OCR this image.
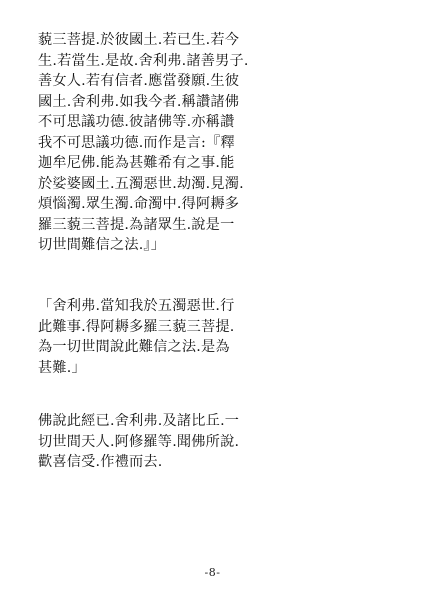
藐三菩提.於彼國土.若已生.若今
生.若當生.是故.舍利弗.諸善男子.
善女人.若有信者.應當發願.生彼
國土.舍利弗.如我今者.稱讚諸佛
不可思議功德.彼諸佛等.亦稱讚
我不可思議功德.而作是言:『釋
迦牟尼佛.能為甚難希有之事.能
於娑婆國土.五濁惡世.劫濁.見濁.
煩惱濁.眾生濁.命濁中.得阿耨多
羅三藐三菩提.為諸眾生.說是一
切世間難信之法.』」
「舍利弗.當知我於五濁惡世.行
此難事.得阿耨多羅三藐三菩提.
為一切世間說此難信之法.是為
甚難.」
佛說此經已.舍利弗.及諸比丘.一
切世間天人.阿修羅等.聞佛所說.
歡喜信受.作禮而去.
-8-
